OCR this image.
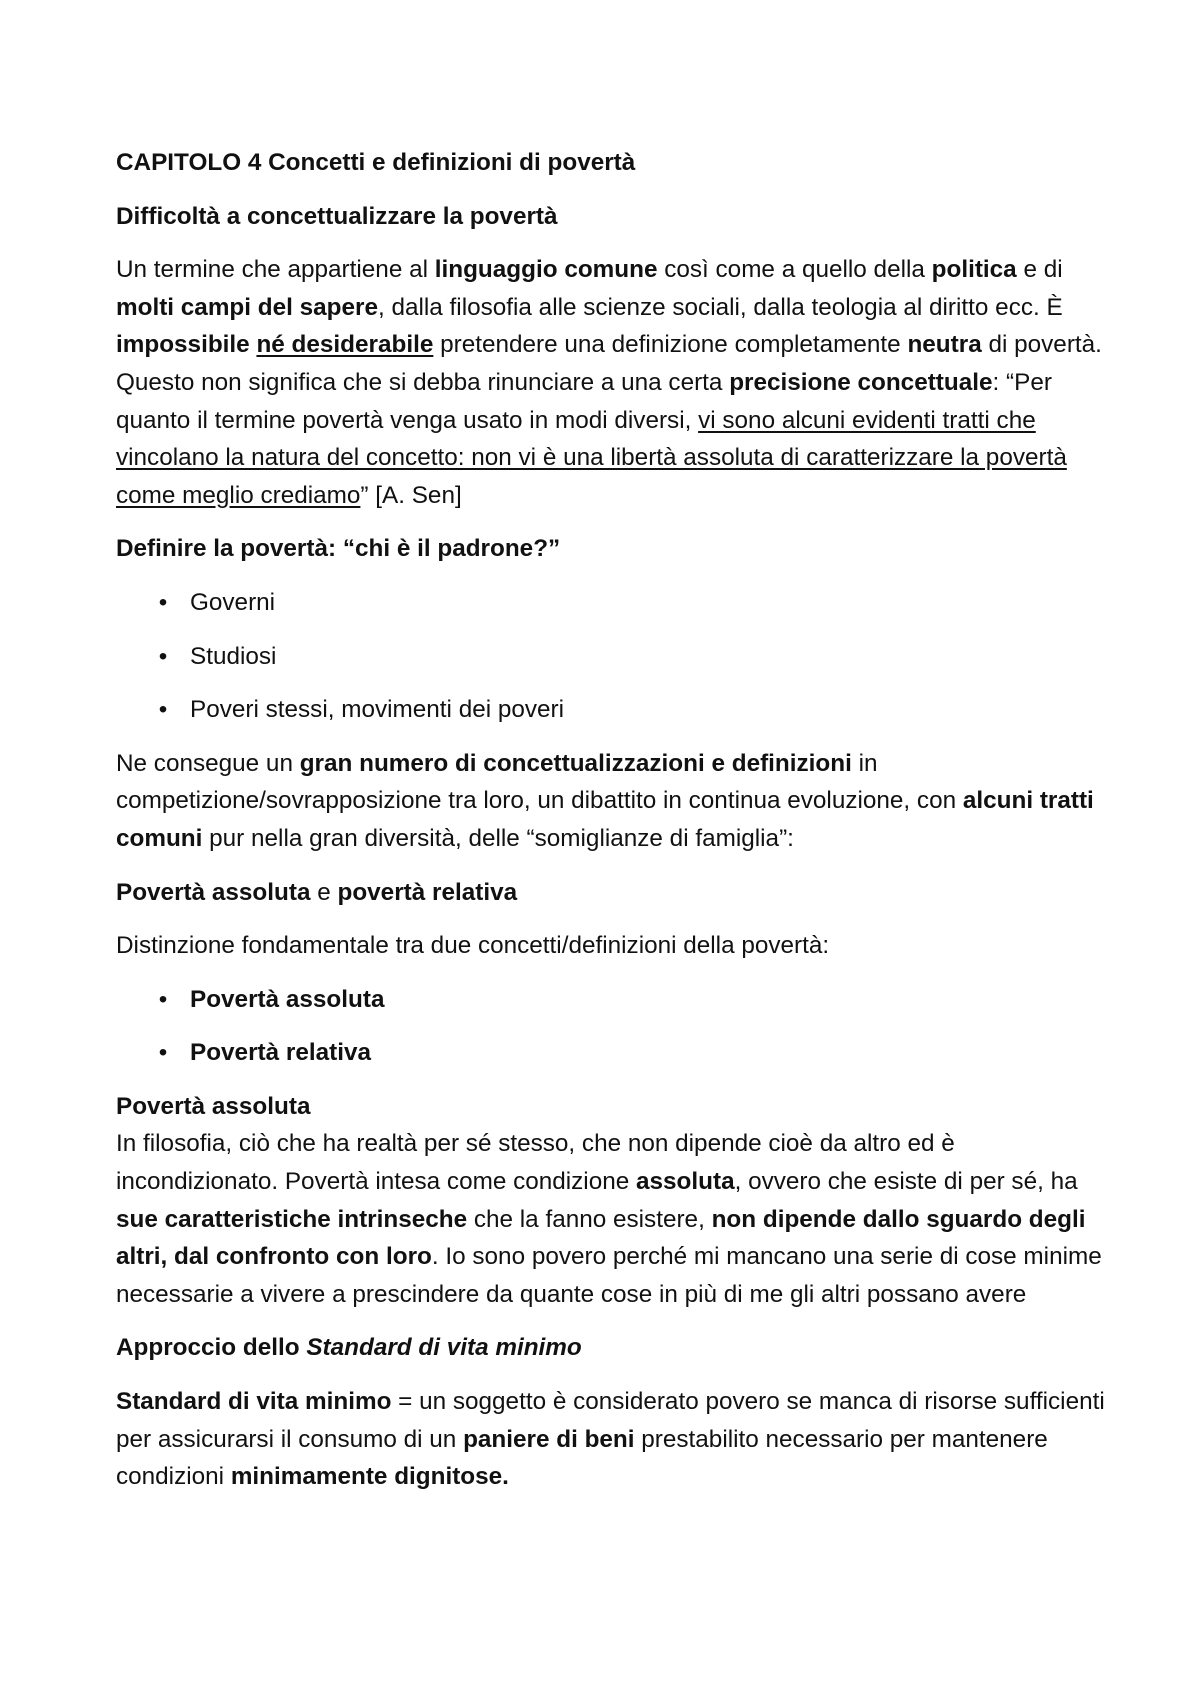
CAPITOLO 4 Concetti e definizioni di povertà

Difficoltà a concettualizzare la povertà

Un termine che appartiene al linguaggio comune così come a quello della politica e di molti campi del sapere, dalla filosofia alle scienze sociali, dalla teologia al diritto ecc. È impossibile né desiderabile pretendere una definizione completamente neutra di povertà. Questo non significa che si debba rinunciare a una certa precisione concettuale: “Per quanto il termine povertà venga usato in modi diversi, vi sono alcuni evidenti tratti che vincolano la natura del concetto: non vi è una libertà assoluta di caratterizzare la povertà come meglio crediamo” [A. Sen]

Definire la povertà: “chi è il padrone?”

• Governi
• Studiosi
• Poveri stessi, movimenti dei poveri

Ne consegue un gran numero di concettualizzazioni e definizioni in competizione/sovrapposizione tra loro, un dibattito in continua evoluzione, con alcuni tratti comuni pur nella gran diversità, delle “somiglianze di famiglia”:

Povertà assoluta e povertà relativa

Distinzione fondamentale tra due concetti/definizioni della povertà:

• Povertà assoluta
• Povertà relativa

Povertà assoluta

In filosofia, ciò che ha realtà per sé stesso, che non dipende cioè da altro ed è incondizionato. Povertà intesa come condizione assoluta, ovvero che esiste di per sé, ha sue caratteristiche intrinseche che la fanno esistere, non dipende dallo sguardo degli altri, dal confronto con loro. Io sono povero perché mi mancano una serie di cose minime necessarie a vivere a prescindere da quante cose in più di me gli altri possano avere

Approccio dello Standard di vita minimo

Standard di vita minimo = un soggetto è considerato povero se manca di risorse sufficienti per assicurarsi il consumo di un paniere di beni prestabilito necessario per mantenere condizioni minimamente dignitose.
